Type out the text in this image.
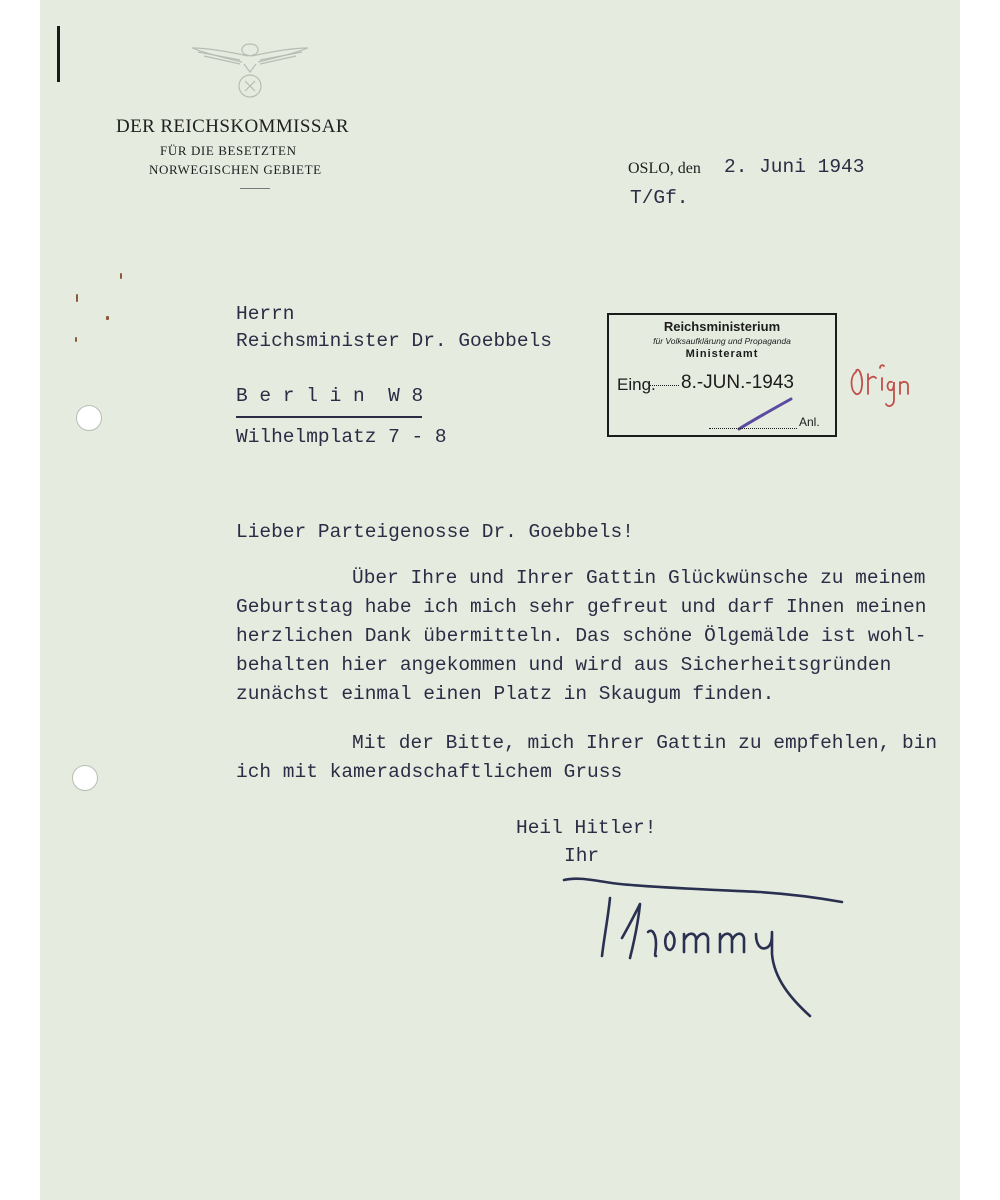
DER REICHSKOMMISSAR
FÜR DIE BESETZTEN
NORWEGISCHEN GEBIETE	OSLO, den 2. Juni 1943
T/Gf.
Herrn
Reichsminister Dr. Goebbels
B e r l i n  W 8
Wilhelmplatz 7 - 8
Reichsministerium
für Volksaufklärung und Propaganda
Ministeramt
Eing. 8.-JUN.-1943
Anl.
Lieber Parteigenosse Dr. Goebbels!
Über Ihre und Ihrer Gattin Glückwünsche zu meinem
Geburtstag habe ich mich sehr gefreut und darf Ihnen meinen
herzlichen Dank übermitteln. Das schöne Ölgemälde ist wohl-
behalten hier angekommen und wird aus Sicherheitsgründen
zunächst einmal einen Platz in Skaugum finden.
Mit der Bitte, mich Ihrer Gattin zu empfehlen, bin
ich mit kameradschaftlichem Gruss
Heil Hitler!
Ihr
